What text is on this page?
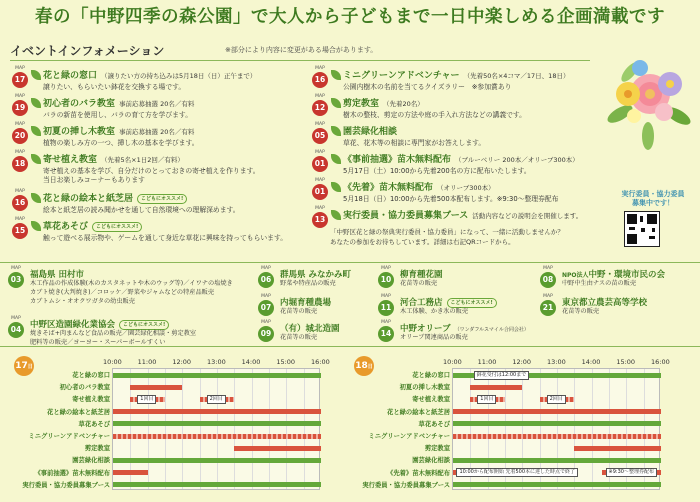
春の「中野四季の森公園」で大人から子どもまで一日中楽しめる企画満載です
イベントインフォメーション	※部分により内容に変更がある場合があります。
MAP 17	花と緑の窓口 （譲りたい方の持ち込みは5月18日（日）正午まで）
譲りたい、もらいたい鉢花を交換する場です。
MAP 19	初心者のバラ教室 事前応募抽選 20名／有料
バラの新苗を使用し、バラの育て方を学びます。
MAP 20	初夏の挿し木教室 事前応募抽選 20名／有料
植物の楽しみ方の一つ、挿し木の基本を学びます。
MAP 18	寄せ植え教室 （先着5名×1日2回／有料）
寄せ植えの基本を学び、自分だけのとっておきの寄せ植えを作ります。
当日お楽しみコーナーもあります
MAP 16	花と緑の絵本と紙芝居 こどもにオススメ!
絵本と紙芝居の読み聞かせを通して自然環境への理解深めます。
MAP 15	草花あそび こどもにオススメ!
触って遊べる展示物や、ゲームを通して身近な草花に興味を持ってもらいます。
MAP 16	ミニグリーンアドベンチャー （先着50名×4コマ／17日、18日）
公園内樹木の名前を当てるクイズラリー　※参加賞あり
MAP 12	剪定教室 （先着20名）
樹木の整枝、剪定の方法や庭の手入れ方法などの講義です。
MAP 05	園芸緑化相談
草花、花木等の相談に専門家がお答えします。
MAP 01	《事前抽選》苗木無料配布 （ブルーベリー 200本／オリーブ300本）
5月17日（土）10:00から先着200名の方に配布いたします。
MAP 01	《先着》苗木無料配布 （オリーブ300本）
5月18日（日）10:00から先着500本配布します。※9:30〜整理券配布
MAP 13	実行委員・協力委員募集ブース 活動内容などの説明会を開催します。
「中野区花と緑の祭典実行委員・協力委員」になって、一緒に活動しませんか？
あなたの参加をお待ちしています。詳細は右記QRコードから。
実行委員・協力委員
募集中です！
MAP 03	福島県 田村市
木工作品の作成体験(木のカスタネットや木のウッグ等)／イワナの塩焼き
カブト焼き(大判焼き)／コロッケ／野菜やジャムなどの特産品販売
カブトムシ・オオクワガタの幼虫販売
MAP 04	中野区造園緑化業協会 こどもにオススメ!
焼きそば+肉まんなど食品の販売／園芸緑化相談・剪定教室
肥料等の販売／ヨーヨー・スーパーボールすくい
MAP 06	群馬県 みなかみ町
野菜や特産品の販売
MAP 07	内堀育種農場
花苗等の販売
MAP 09	（有）城北造園
花苗等の販売
MAP 10	柳育種花園
花苗等の販売
MAP 11	河合工務店 こどもにオススメ!
木工体験、かき氷の販売
MAP 14	中野オリーブ （ワンダフルスマイル合同会社）
オリーブ関連商品の販売
MAP 08	NPO法人中野・環境市民の会
中野中生由ナスの苗の販売
MAP 21	東京都立農芸高等学校
花苗等の販売
17日
10:00 11:00 12:00 13:00 14:00 15:00 16:00
1回目	2回目
花と緑の窓口
初心者のバラ教室
寄せ植え教室
花と緑の絵本と紙芝居
草花あそび
ミニグリーンアドベンチャー
剪定教室
園芸緑化相談
《事前抽選》苗木無料配布
実行委員・協力委員募集ブース
18日
10:00 11:00 12:00 13:00 14:00 15:00 16:00
鉢花受付は12:00まで
1回目	2回目
10:00から配布開始 先着500本に達した時点で終了	※9:30〜整理券配布
花と緑の窓口
初夏の挿し木教室
寄せ植え教室
花と緑の絵本と紙芝居
草花あそび
ミニグリーンアドベンチャー
剪定教室
園芸緑化相談
《先着》苗木無料配布
実行委員・協力委員募集ブース
